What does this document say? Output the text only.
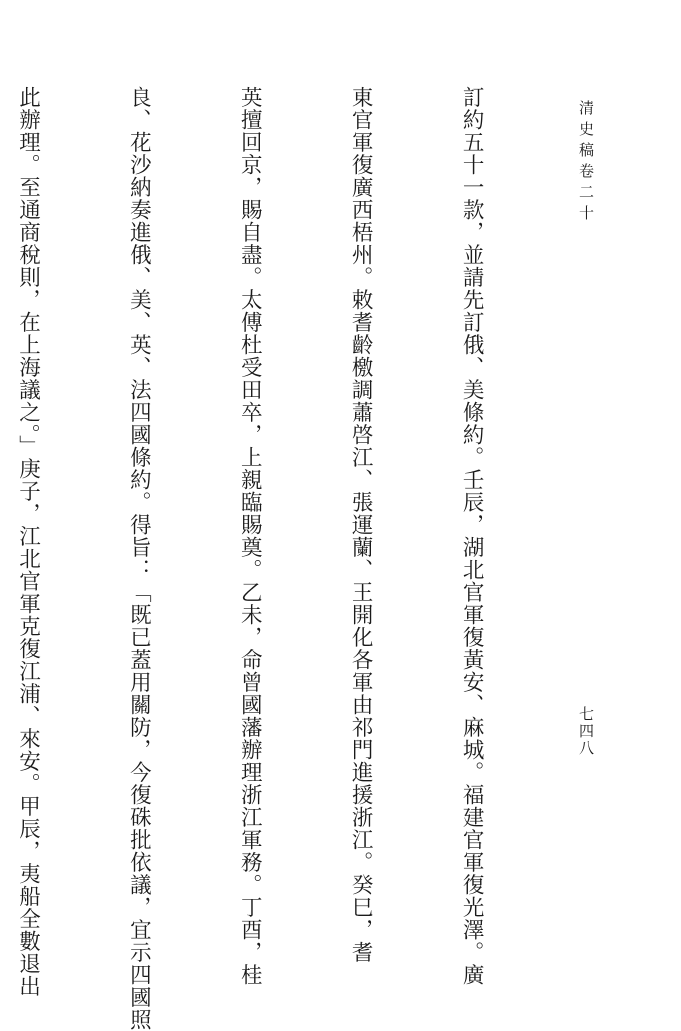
清史稿卷二十
七四八

訂約五十一款，並請先訂俄、美條約。壬辰，湖北官軍復黃安、麻城。福建官軍復光澤。廣

東官軍復廣西梧州。敕耆齡檄調蕭啓江、張運蘭、王開化各軍由祁門進援浙江。癸巳，耆

英擅回京，賜自盡。太傅杜受田卒，上親臨賜奠。乙未，命曾國藩辦理浙江軍務。丁酉，桂

良、花沙納奏進俄、美、英、法四國條約。得旨：「既已蓋用關防，今復硃批依議，宜示四國照

此辦理。至通商稅則，在上海議之。」庚子，江北官軍克復江浦、來安。甲辰，夷船全數退出
